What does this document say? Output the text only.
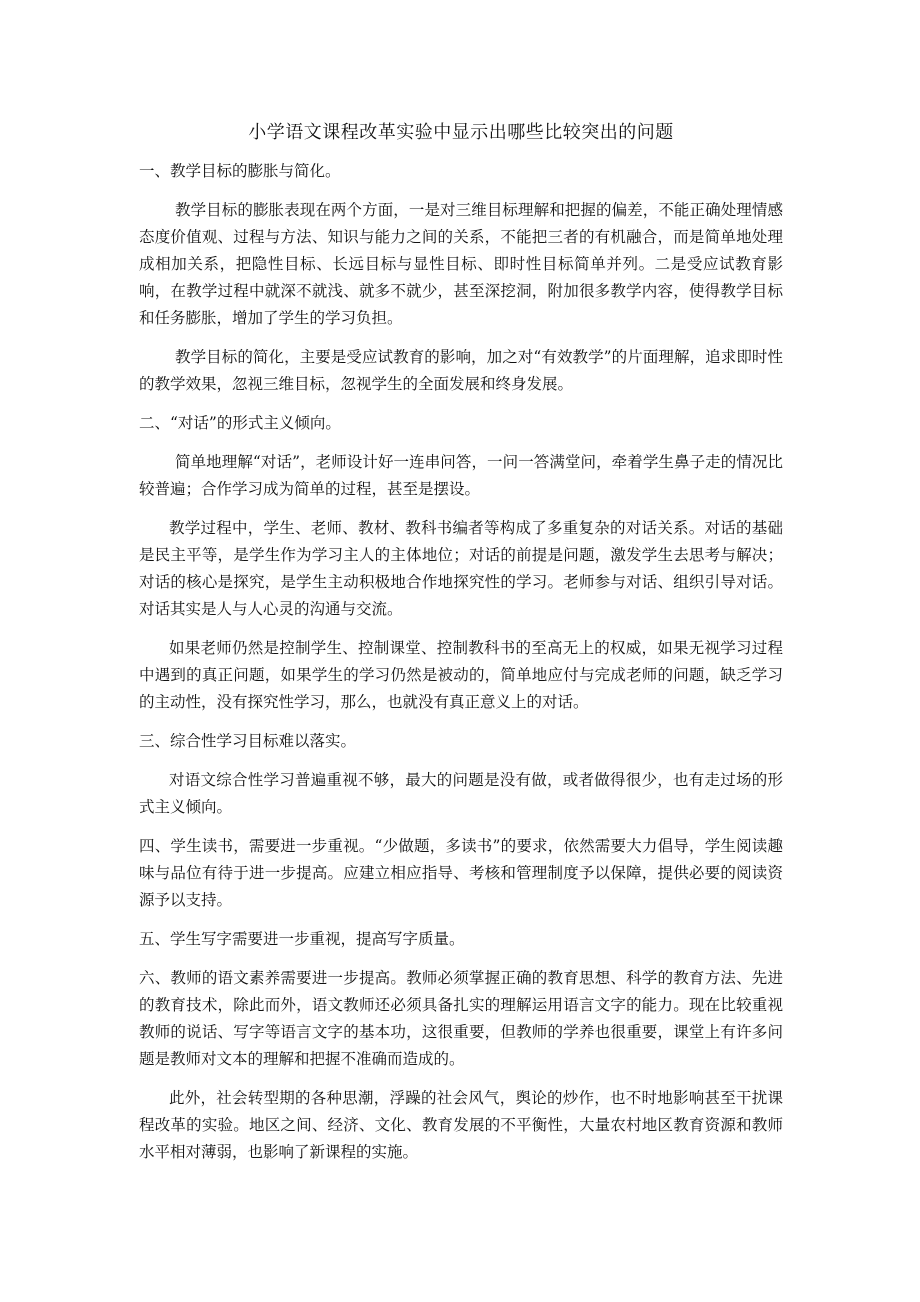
​
小学语文课程改革实验中显示出哪些比较突出的问题

一、教学目标的膨胀与简化。

教学目标的膨胀表现在两个方面，一是对三维目标理解和把握的偏差，不能正确处理情感态度价值观、过程与方法、知识与能力之间的关系，不能把三者的有机融合，而是简单地处理成相加关系，把隐性目标、长远目标与显性目标、即时性目标简单并列。二是受应试教育影响，在教学过程中就深不就浅、就多不就少，甚至深挖洞，附加很多教学内容，使得教学目标和任务膨胀，增加了学生的学习负担。

教学目标的简化，主要是受应试教育的影响，加之对“有效教学”的片面理解，追求即时性的教学效果，忽视三维目标，忽视学生的全面发展和终身发展。

二、“对话”的形式主义倾向。

简单地理解“对话”，老师设计好一连串问答，一问一答满堂问，牵着学生鼻子走的情况比较普遍；合作学习成为简单的过程，甚至是摆设。

教学过程中，学生、老师、教材、教科书编者等构成了多重复杂的对话关系。对话的基础是民主平等，是学生作为学习主人的主体地位；对话的前提是问题，激发学生去思考与解决；对话的核心是探究，是学生主动积极地合作地探究性的学习。老师参与对话、组织引导对话。对话其实是人与人心灵的沟通与交流。

如果老师仍然是控制学生、控制课堂、控制教科书的至高无上的权威，如果无视学习过程中遇到的真正问题，如果学生的学习仍然是被动的，简单地应付与完成老师的问题，缺乏学习的主动性，没有探究性学习，那么，也就没有真正意义上的对话。

三、综合性学习目标难以落实。

对语文综合性学习普遍重视不够，最大的问题是没有做，或者做得很少，也有走过场的形式主义倾向。

四、学生读书，需要进一步重视。“少做题，多读书”的要求，依然需要大力倡导，学生阅读趣味与品位有待于进一步提高。应建立相应指导、考核和管理制度予以保障，提供必要的阅读资源予以支持。

五、学生写字需要进一步重视，提高写字质量。

六、教师的语文素养需要进一步提高。教师必须掌握正确的教育思想、科学的教育方法、先进的教育技术，除此而外，语文教师还必须具备扎实的理解运用语言文字的能力。现在比较重视教师的说话、写字等语言文字的基本功，这很重要，但教师的学养也很重要，课堂上有许多问题是教师对文本的理解和把握不准确而造成的。

此外，社会转型期的各种思潮，浮躁的社会风气，舆论的炒作，也不时地影响甚至干扰课程改革的实验。地区之间、经济、文化、教育发展的不平衡性，大量农村地区教育资源和教师水平相对薄弱，也影响了新课程的实施。
